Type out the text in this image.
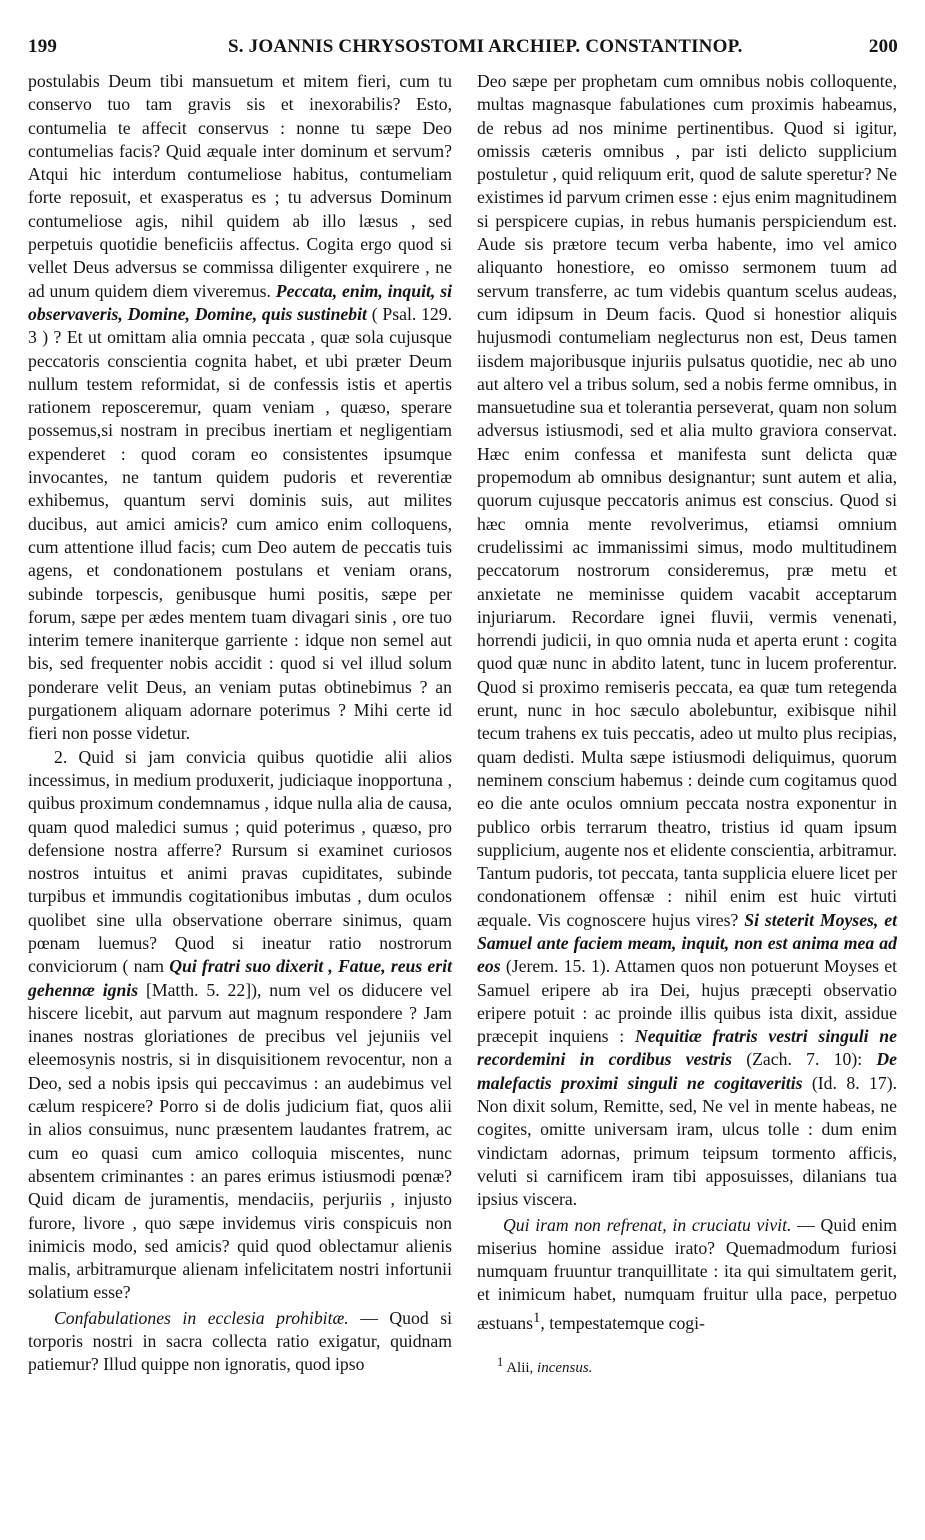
199	S. JOANNIS CHRYSOSTOMI ARCHIEP. CONSTANTINOP.	200

postulabis Deum tibi mansuetum et mitem fieri, cum tu conservo tuo tam gravis sis et inexorabilis? Esto, contumelia te affecit conservus : nonne tu sæpe Deo contumelias facis? Quid æquale inter dominum et servum? Atqui hic interdum contumeliose habitus, contumeliam forte reposuit, et exasperatus es ; tu adversus Dominum contumeliose agis, nihil quidem ab illo læsus , sed perpetuis quotidie beneficiis affectus. Cogita ergo quod si vellet Deus adversus se commissa diligenter exquirere , ne ad unum quidem diem viveremus. Peccata, enim, inquit, si observaveris, Domine, Domine, quis sustinebit ( Psal. 129. 3 ) ? Et ut omittam alia omnia peccata , quæ sola cujusque peccatoris conscientia cognita habet, et ubi præter Deum nullum testem reformidat, si de confessis istis et apertis rationem reposceremur, quam veniam , quæso, sperare possemus,si nostram in precibus inertiam et negligentiam expenderet : quod coram eo consistentes ipsumque invocantes, ne tantum quidem pudoris et reverentiæ exhibemus, quantum servi dominis suis, aut milites ducibus, aut amici amicis? cum amico enim colloquens, cum attentione illud facis; cum Deo autem de peccatis tuis agens, et condonationem postulans et veniam orans, subinde torpescis, genibusque humi positis, sæpe per forum, sæpe per ædes mentem tuam divagari sinis , ore tuo interim temere inaniterque garriente : idque non semel aut bis, sed frequenter nobis accidit : quod si vel illud solum ponderare velit Deus, an veniam putas obtinebimus ? an purgationem aliquam adornare poterimus ? Mihi certe id fieri non posse videtur.

2. Quid si jam convicia quibus quotidie alii alios incessimus, in medium produxerit, judiciaque inopportuna , quibus proximum condemnamus , idque nulla alia de causa, quam quod maledici sumus ; quid poterimus , quæso, pro defensione nostra afferre? Rursum si examinet curiosos nostros intuitus et animi pravas cupiditates, subinde turpibus et immundis cogitationibus imbutas , dum oculos quolibet sine ulla observatione oberrare sinimus, quam pœnam luemus? Quod si ineatur ratio nostrorum conviciorum ( nam Qui fratri suo dixerit , Fatue, reus erit gehennæ ignis [Matth. 5. 22]), num vel os diducere vel hiscere licebit, aut parvum aut magnum respondere ? Jam inanes nostras gloriationes de precibus vel jejuniis vel eleemosynis nostris, si in disquisitionem revocentur, non a Deo, sed a nobis ipsis qui peccavimus : an audebimus vel cælum respicere? Porro si de dolis judicium fiat, quos alii in alios consuimus, nunc præsentem laudantes fratrem, ac cum eo quasi cum amico colloquia miscentes, nunc absentem criminantes : an pares erimus istiusmodi pœnæ? Quid dicam de juramentis, mendaciis, perjuriis , injusto furore, livore , quo sæpe invidemus viris conspicuis non inimicis modo, sed amicis? quid quod oblectamur alienis malis, arbitramurque alienam infelicitatem nostri infortunii solatium esse?

Confabulationes in ecclesia prohibitæ. — Quod si torporis nostri in sacra collecta ratio exigatur, quidnam patiemur? Illud quippe non ignoratis, quod ipso

Deo sæpe per prophetam cum omnibus nobis colloquente, multas magnasque fabulationes cum proximis habeamus, de rebus ad nos minime pertinentibus. Quod si igitur, omissis cæteris omnibus , par isti delicto supplicium postuletur , quid reliquum erit, quod de salute speretur? Ne existimes id parvum crimen esse : ejus enim magnitudinem si perspicere cupias, in rebus humanis perspiciendum est. Aude sis prætore tecum verba habente, imo vel amico aliquanto honestiore, eo omisso sermonem tuum ad servum transferre, ac tum videbis quantum scelus audeas, cum idipsum in Deum facis. Quod si honestior aliquis hujusmodi contumeliam neglecturus non est, Deus tamen iisdem majoribusque injuriis pulsatus quotidie, nec ab uno aut altero vel a tribus solum, sed a nobis ferme omnibus, in mansuetudine sua et tolerantia perseverat, quam non solum adversus istiusmodi, sed et alia multo graviora conservat. Hæc enim confessa et manifesta sunt delicta quæ propemodum ab omnibus designantur; sunt autem et alia, quorum cujusque peccatoris animus est conscius. Quod si hæc omnia mente revolverimus, etiamsi omnium crudelissimi ac immanissimi simus, modo multitudinem peccatorum nostrorum consideremus, præ metu et anxietate ne meminisse quidem vacabit acceptarum injuriarum. Recordare ignei fluvii, vermis venenati, horrendi judicii, in quo omnia nuda et aperta erunt : cogita quod quæ nunc in abdito latent, tunc in lucem proferentur. Quod si proximo remiseris peccata, ea quæ tum retegenda erunt, nunc in hoc sæculo abolebuntur, exibisque nihil tecum trahens ex tuis peccatis, adeo ut multo plus recipias, quam dedisti. Multa sæpe istiusmodi deliquimus, quorum neminem conscium habemus : deinde cum cogitamus quod eo die ante oculos omnium peccata nostra exponentur in publico orbis terrarum theatro, tristius id quam ipsum supplicium, augente nos et elidente conscientia, arbitramur. Tantum pudoris, tot peccata, tanta supplicia eluere licet per condonationem offensæ : nihil enim est huic virtuti æquale. Vis cognoscere hujus vires? Si steterit Moyses, et Samuel ante faciem meam, inquit, non est anima mea ad eos (Jerem. 15. 1). Attamen quos non potuerunt Moyses et Samuel eripere ab ira Dei, hujus præcepti observatio eripere potuit : ac proinde illis quibus ista dixit, assidue præcepit inquiens : Nequitiæ fratris vestri singuli ne recordemini in cordibus vestris (Zach. 7. 10): De malefactis proximi singuli ne cogitaveritis (Id. 8. 17). Non dixit solum, Remitte, sed, Ne vel in mente habeas, ne cogites, omitte universam iram, ulcus tolle : dum enim vindictam adornas, primum teipsum tormento afficis, veluti si carnificem iram tibi apposuisses, dilanians tua ipsius viscera.

Qui iram non refrenat, in cruciatu vivit. — Quid enim miserius homine assidue irato? Quemadmodum furiosi numquam fruuntur tranquillitate : ita qui simultatem gerit, et inimicum habet, numquam fruitur ulla pace, perpetuo æstuans$^1$, tempestatemque cogi-

$^1$ Alii, incensus.
